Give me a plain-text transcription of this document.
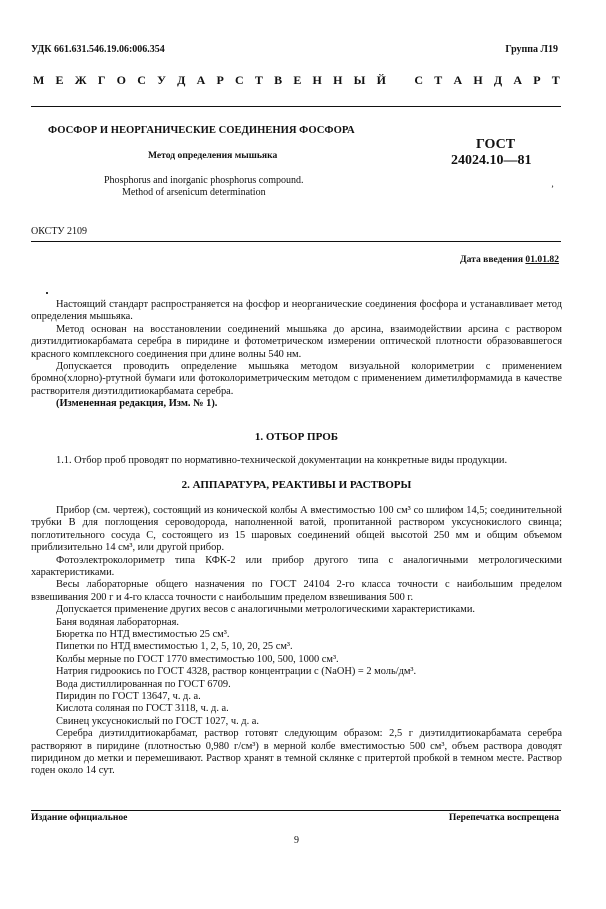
УДК 661.631.546.19.06:006.354	Группа Л19
М Е Ж Г О С У Д А Р С Т В Е Н Н Ы Й С Т А Н Д А Р Т
ФОСФОР И НЕОРГАНИЧЕСКИЕ СОЕДИНЕНИЯ ФОСФОРА
Метод определения мышьяка
Phosphorus and inorganic phosphorus compound.
Method of arsenicum determination
ГОСТ
24024.10—81
ʼ
ОКСТУ 2109
Дата введения 01.01.82

Настоящий стандарт распространяется на фосфор и неорганические соединения фосфора и устанавливает метод определения мышьяка.

Метод основан на восстановлении соединений мышьяка до арсина, взаимодействии арсина с раствором диэтилдитиокарбамата серебра в пиридине и фотометрическом измерении оптической плотности образовавшегося красного комплексного соединения при длине волны 540 нм.

Допускается проводить определение мышьяка методом визуальной колориметрии с применением бромно(хлорно)-ртутной бумаги или фотоколориметрическим методом с применением диметилформамида в качестве растворителя диэтилдитиокарбамата серебра.

(Измененная редакция, Изм. № 1).

1. ОТБОР ПРОБ

1.1. Отбор проб проводят по нормативно-технической документации на конкретные виды продукции.

2. АППАРАТУРА, РЕАКТИВЫ И РАСТВОРЫ

Прибор (см. чертеж), состоящий из конической колбы А вместимостью 100 см³ со шлифом 14,5; соединительной трубки В для поглощения сероводорода, наполненной ватой, пропитанной раствором уксуснокислого свинца; поглотительного сосуда С, состоящего из 15 шаровых соединений общей высотой 250 мм и общим объемом приблизительно 14 см³, или другой прибор.

Фотоэлектроколориметр типа КФК-2 или прибор другого типа с аналогичными метрологическими характеристиками.

Весы лабораторные общего назначения по ГОСТ 24104 2-го класса точности с наибольшим пределом взвешивания 200 г и 4-го класса точности с наибольшим пределом взвешивания 500 г.

Допускается применение других весов с аналогичными метрологическими характеристиками.

Баня водяная лабораторная.

Бюретка по НТД вместимостью 25 см³.

Пипетки по НТД вместимостью 1, 2, 5, 10, 20, 25 см³.

Колбы мерные по ГОСТ 1770 вместимостью 100, 500, 1000 см³.

Натрия гидроокись по ГОСТ 4328, раствор концентрации с (NaOH) = 2 моль/дм³.

Вода дистиллированная по ГОСТ 6709.

Пиридин по ГОСТ 13647, ч. д. а.

Кислота соляная по ГОСТ 3118, ч. д. а.

Свинец уксуснокислый по ГОСТ 1027, ч. д. а.

Серебра диэтилдитиокарбамат, раствор готовят следующим образом: 2,5 г диэтилдитиокарбамата серебра растворяют в пиридине (плотностью 0,980 г/см³) в мерной колбе вместимостью 500 см³, объем раствора доводят пиридином до метки и перемешивают. Раствор хранят в темной склянке с притертой пробкой в темном месте. Раствор годен около 14 сут.

Издание официальное	Перепечатка воспрещена
9
